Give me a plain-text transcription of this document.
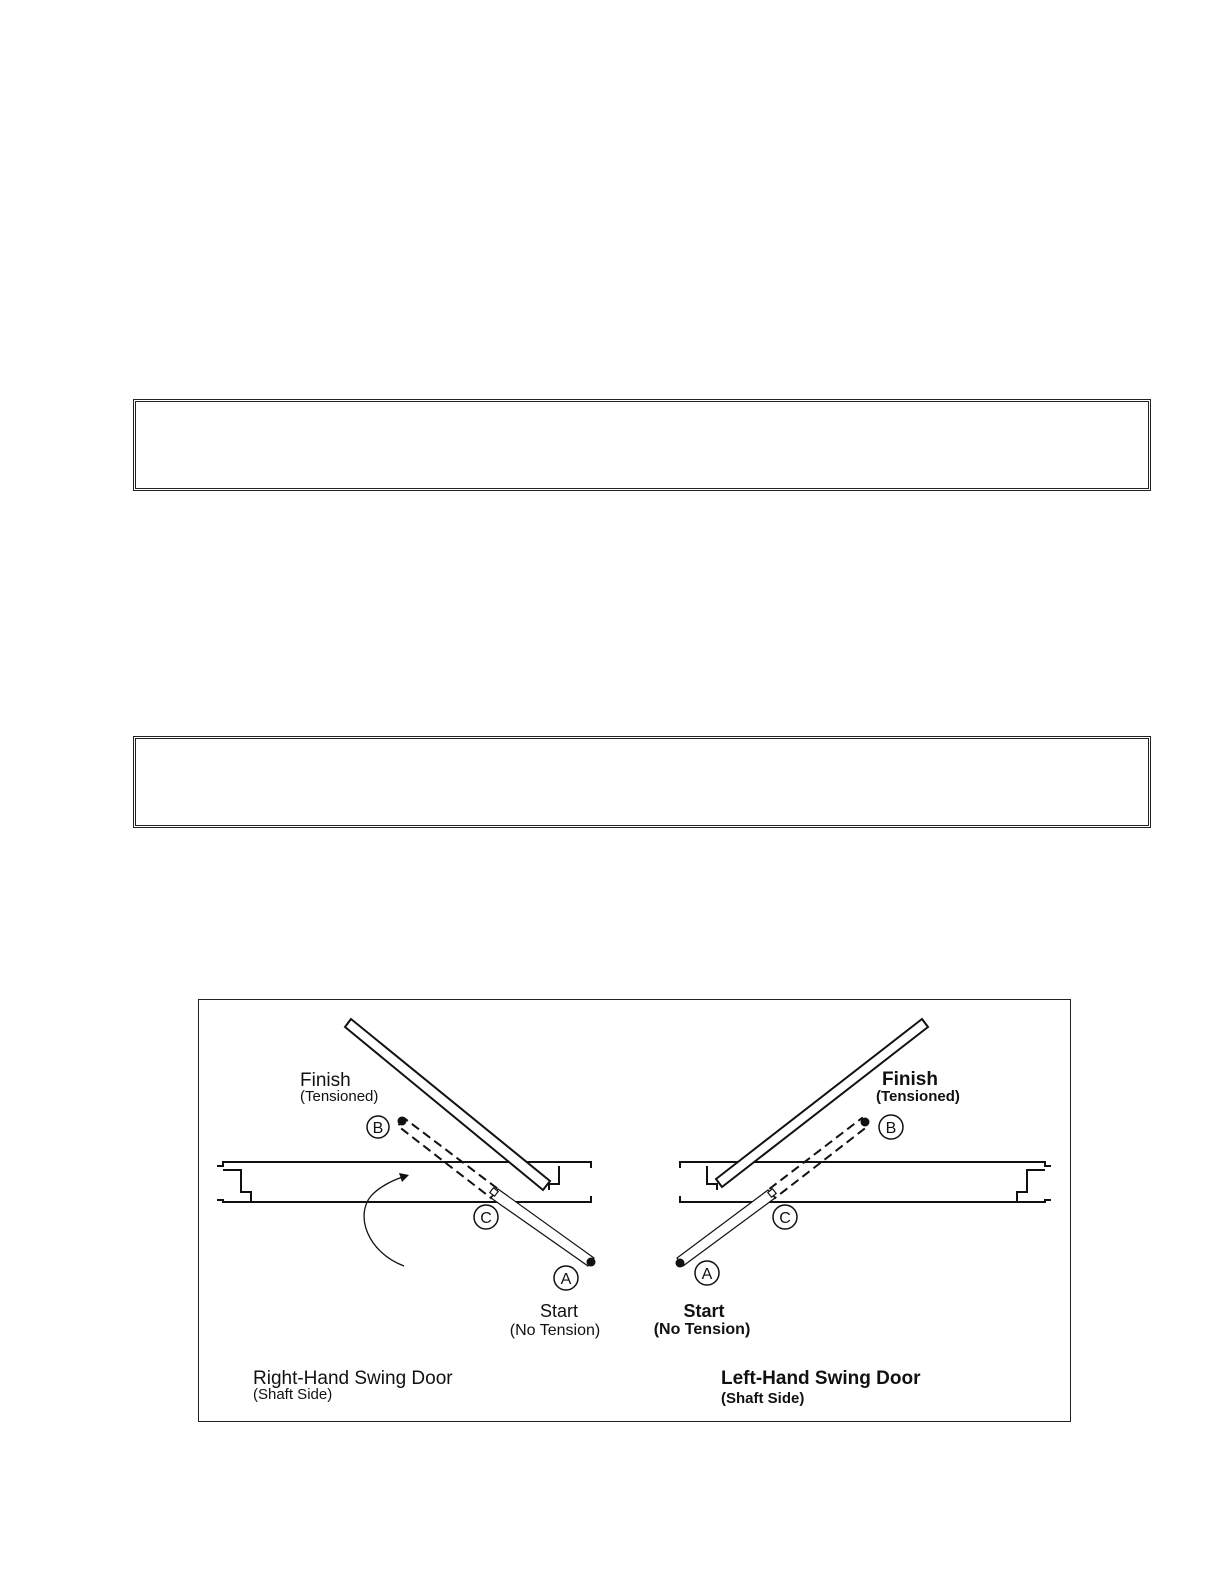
B
C
A
Finish
(Tensioned)
Start
(No Tension)
Right-Hand Swing Door
(Shaft Side)
B
C
A
Finish
(Tensioned)
Start
(No Tension)
Left-Hand Swing Door
(Shaft Side)
